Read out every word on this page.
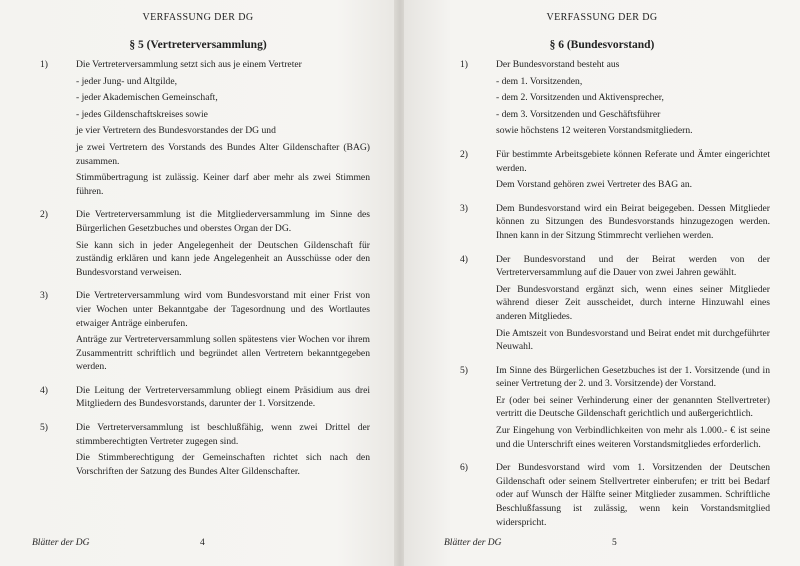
VERFASSUNG DER DG
§ 5 (Vertreterversammlung)
1)	Die Vertreterversammlung setzt sich aus je einem Vertreter

- jeder Jung- und Altgilde,

- jeder Akademischen Gemeinschaft,

- jedes Gildenschaftskreises sowie

je vier Vertretern des Bundesvorstandes der DG und

je zwei Vertretern des Vorstands des Bundes Alter Gildenschafter (BAG) zusammen.

Stimmübertragung ist zulässig. Keiner darf aber mehr als zwei Stimmen führen.

2)	Die Vertreterversammlung ist die Mitgliederversammlung im Sinne des Bürgerlichen Gesetzbuches und oberstes Organ der DG.

Sie kann sich in jeder Angelegenheit der Deutschen Gildenschaft für zuständig erklären und kann jede Angelegenheit an Ausschüsse oder den Bundesvorstand verweisen.

3)	Die Vertreterversammlung wird vom Bundesvorstand mit einer Frist von vier Wochen unter Bekanntgabe der Tagesordnung und des Wortlautes etwaiger Anträge einberufen.

Anträge zur Vertreterversammlung sollen spätestens vier Wochen vor ihrem Zusammentritt schriftlich und begründet allen Vertretern bekanntgegeben werden.

4)	Die Leitung der Vertreterversammlung obliegt einem Präsidium aus drei Mitgliedern des Bundesvorstands, darunter der 1. Vorsitzende.

5)	Die Vertreterversammlung ist beschlußfähig, wenn zwei Drittel der stimmberechtigten Vertreter zugegen sind.

Die Stimmberechtigung der Gemeinschaften richtet sich nach den Vorschriften der Satzung des Bundes Alter Gildenschafter.

Blätter der DG	4
VERFASSUNG DER DG
§ 6 (Bundesvorstand)
1)	Der Bundesvorstand besteht aus

- dem 1. Vorsitzenden,

- dem 2. Vorsitzenden und Aktivensprecher,

- dem 3. Vorsitzenden und Geschäftsführer

sowie höchstens 12 weiteren Vorstandsmitgliedern.

2)	Für bestimmte Arbeitsgebiete können Referate und Ämter eingerichtet werden.

Dem Vorstand gehören zwei Vertreter des BAG an.

3)	Dem Bundesvorstand wird ein Beirat beigegeben. Dessen Mitglieder können zu Sitzungen des Bundesvorstands hinzugezogen werden. Ihnen kann in der Sitzung Stimmrecht verliehen werden.

4)	Der Bundesvorstand und der Beirat werden von der Vertreterversammlung auf die Dauer von zwei Jahren gewählt.

Der Bundesvorstand ergänzt sich, wenn eines seiner Mitglieder während dieser Zeit ausscheidet, durch interne Hinzuwahl eines anderen Mitgliedes.

Die Amtszeit von Bundesvorstand und Beirat endet mit durchgeführter Neuwahl.

5)	Im Sinne des Bürgerlichen Gesetzbuches ist der 1. Vorsitzende (und in seiner Vertretung der 2. und 3. Vorsitzende) der Vorstand.

Er (oder bei seiner Verhinderung einer der genannten Stellvertreter) vertritt die Deutsche Gildenschaft gerichtlich und außergerichtlich.

Zur Eingehung von Verbindlichkeiten von mehr als 1.000.- € ist seine und die Unterschrift eines weiteren Vorstandsmitgliedes erforderlich.

6)	Der Bundesvorstand wird vom 1. Vorsitzenden der Deutschen Gildenschaft oder seinem Stellvertreter einberufen; er tritt bei Bedarf oder auf Wunsch der Hälfte seiner Mitglieder zusammen. Schriftliche Beschlußfassung ist zulässig, wenn kein Vorstandsmitglied widerspricht.

Blätter der DG	5
